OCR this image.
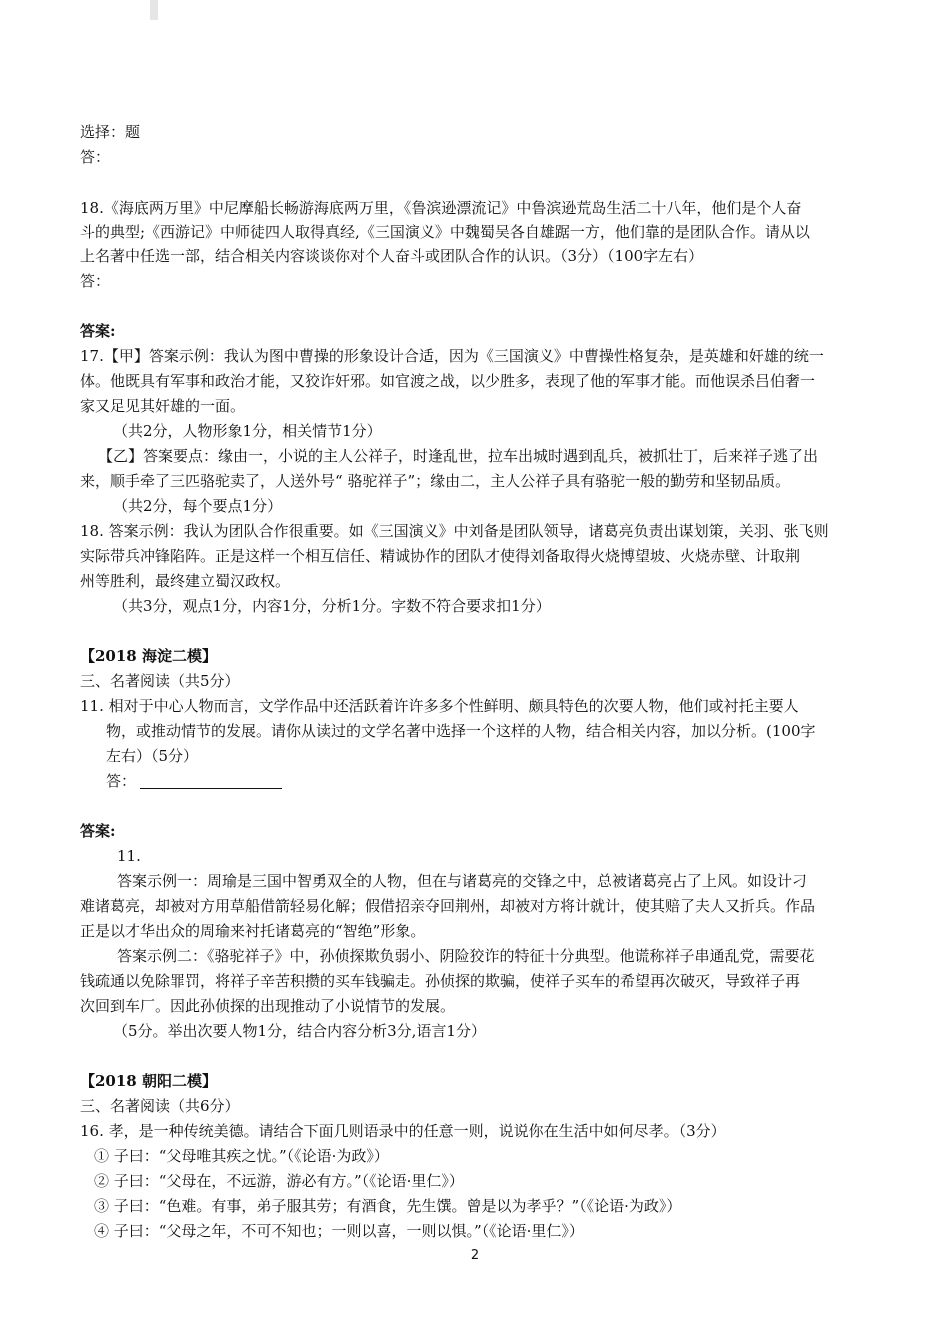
选择：题
答：
18.《海底两万里》中尼摩船长畅游海底两万里，《鲁滨逊漂流记》中鲁滨逊荒岛生活二十八年，他们是个人奋
斗的典型;《西游记》中师徒四人取得真经,《三国演义》中魏蜀吴各自雄踞一方，他们靠的是团队合作。请从以
上名著中任选一部，结合相关内容谈谈你对个人奋斗或团队合作的认识。（3分）（100字左右）
答：
答案:
17.【甲】答案示例：我认为图中曹操的形象设计合适，因为《三国演义》中曹操性格复杂，是英雄和奸雄的统一
体。他既具有军事和政治才能，又狡诈奸邪。如官渡之战，以少胜多，表现了他的军事才能。而他误杀吕伯奢一
家又足见其奸雄的一面。
（共2分，人物形象1分，相关情节1分）
【乙】答案要点：缘由一，小说的主人公祥子，时逢乱世，拉车出城时遇到乱兵，被抓壮丁，后来祥子逃了出
来，顺手牵了三匹骆驼卖了，人送外号“ 骆驼祥子”；缘由二，主人公祥子具有骆驼一般的勤劳和坚韧品质。
（共2分，每个要点1分）
18. 答案示例：我认为团队合作很重要。如《三国演义》中刘备是团队领导，诸葛亮负责出谋划策，关羽、张飞则
实际带兵冲锋陷阵。正是这样一个相互信任、精诚协作的团队才使得刘备取得火烧博望坡、火烧赤壁、计取荆
州等胜利，最终建立蜀汉政权。
（共3分，观点1分，内容1分，分析1分。字数不符合要求扣1分）
【2018 海淀二模】
三、名著阅读（共5分）
11. 相对于中心人物而言，文学作品中还活跃着许许多多个性鲜明、颇具特色的次要人物，他们或衬托主要人
物，或推动情节的发展。请你从读过的文学名著中选择一个这样的人物，结合相关内容，加以分析。(100字
左右）（5分）
答：
答案:
11.
答案示例一：周瑜是三国中智勇双全的人物，但在与诸葛亮的交锋之中，总被诸葛亮占了上风。如设计刁
难诸葛亮，却被对方用草船借箭轻易化解；假借招亲夺回荆州，却被对方将计就计，使其赔了夫人又折兵。作品
正是以才华出众的周瑜来衬托诸葛亮的“智绝”形象。
答案示例二：《骆驼祥子》中，孙侦探欺负弱小、阴险狡诈的特征十分典型。他谎称祥子串通乱党，需要花
钱疏通以免除罪罚，将祥子辛苦积攒的买车钱骗走。孙侦探的欺骗，使祥子买车的希望再次破灭，导致祥子再
次回到车厂。因此孙侦探的出现推动了小说情节的发展。
（5分。举出次要人物1分，结合内容分析3分,语言1分）
【2018 朝阳二模】
三、名著阅读（共6分）
16. 孝，是一种传统美德。请结合下面几则语录中的任意一则，说说你在生活中如何尽孝。（3分）
① 子曰：“父母唯其疾之忧。”（《论语·为政》）
② 子曰：“父母在，不远游，游必有方。”（《论语·里仁》）
③ 子曰：“色难。有事，弟子服其劳；有酒食，先生馔。曾是以为孝乎？”（《论语·为政》）
④ 子曰：“父母之年，不可不知也；一则以喜，一则以惧。”（《论语·里仁》）
2
